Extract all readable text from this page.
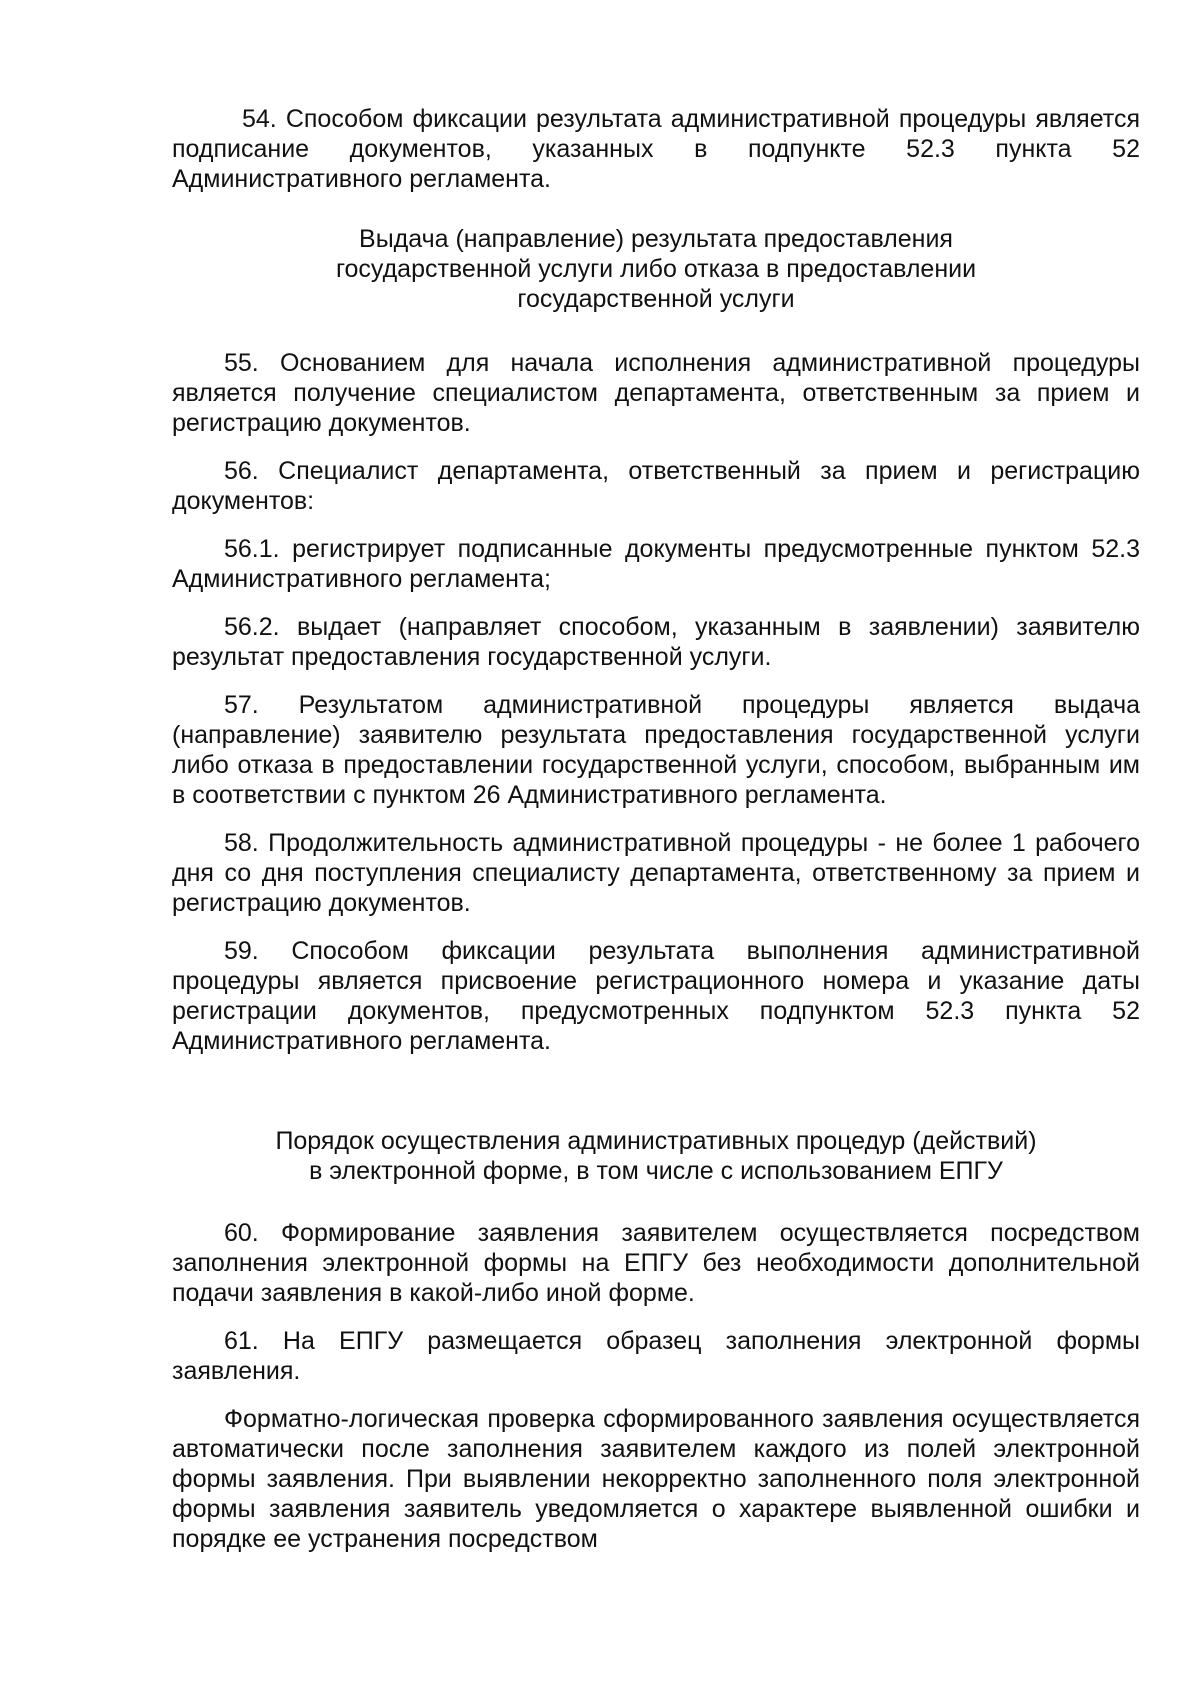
54. Способом фиксации результата административной процедуры является подписание документов, указанных в подпункте 52.3 пункта 52 Административного регламента.

Выдача (направление) результата предоставления
государственной услуги либо отказа в предоставлении
государственной услуги

55. Основанием для начала исполнения административной процедуры является получение специалистом департамента, ответственным за прием и регистрацию документов.

56. Специалист департамента, ответственный за прием и регистрацию документов:

56.1. регистрирует подписанные документы предусмотренные пунктом 52.3 Административного регламента;

56.2. выдает (направляет способом, указанным в заявлении) заявителю результат предоставления государственной услуги.

57. Результатом административной процедуры является выдача (направление) заявителю результата предоставления государственной услуги либо отказа в предоставлении государственной услуги, способом, выбранным им в соответствии с пунктом 26 Административного регламента.

58. Продолжительность административной процедуры - не более 1 рабочего дня со дня поступления специалисту департамента, ответственному за прием и регистрацию документов.

59. Способом фиксации результата выполнения административной процедуры является присвоение регистрационного номера и указание даты регистрации документов, предусмотренных подпунктом 52.3 пункта 52 Административного регламента.

Порядок осуществления административных процедур (действий)
в электронной форме, в том числе с использованием ЕПГУ

60. Формирование заявления заявителем осуществляется посредством заполнения электронной формы на ЕПГУ без необходимости дополнительной подачи заявления в какой-либо иной форме.

61. На ЕПГУ размещается образец заполнения электронной формы заявления.

Форматно-логическая проверка сформированного заявления осуществляется автоматически после заполнения заявителем каждого из полей электронной формы заявления. При выявлении некорректно заполненного поля электронной формы заявления заявитель уведомляется о характере выявленной ошибки и порядке ее устранения посредством
